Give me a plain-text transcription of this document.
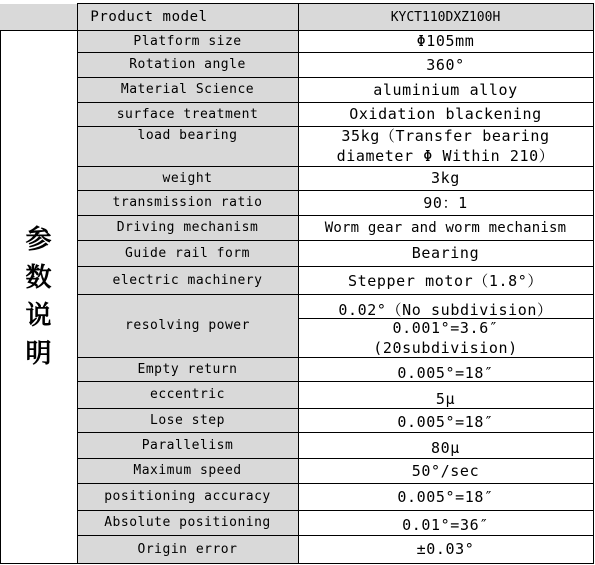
Product model	KYCT110DXZ100H
参数说明
Platform size
Rotation angle
Material Science
surface treatment
load bearing
weight
transmission ratio
Driving mechanism
Guide rail form
electric machinery
resolving power
Empty return
eccentric
Lose step
Parallelism
Maximum speed
positioning accuracy
Absolute positioning
Origin error
Φ105mm
360°
aluminium alloy
Oxidation blackening
35kg（Transfer bearing
diameter Φ Within 210）
3kg
90：1
Worm gear and worm mechanism
Bearing
Stepper motor（1.8°）
0.02°（No subdivision）
0.001°=3.6″
(20subdivision)
0.005°=18″
5μ
0.005°=18″
80μ
50°/sec
0.005°=18″
0.01°=36″
±0.03°
